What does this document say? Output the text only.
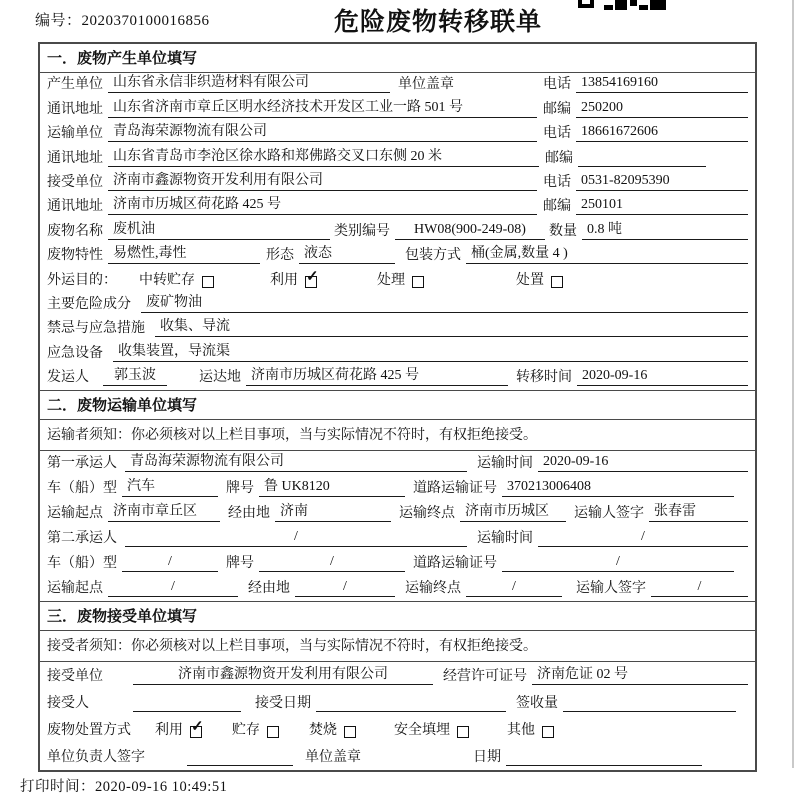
编号：2020370100016856	危险废物转移联单
一．废物产生单位填写
产生单位 山东省永信非织造材料有限公司	单位盖章	电话 13854169160
通讯地址 山东省济南市章丘区明水经济技术开发区工业一路 501 号	邮编 250200
运输单位 青岛海荣源物流有限公司	电话 18661672606
通讯地址 山东省青岛市李沧区徐水路和郑佛路交叉口东侧 20 米	邮编
接受单位 济南市鑫源物资开发利用有限公司	电话 0531-82095390
通讯地址 济南市历城区荷花路 425 号	邮编 250101
废物名称 废机油	类别编号	HW08(900-249-08)	数量 0.8 吨
废物特性 易燃性,毒性	形态 液态	包装方式 桶(金属,数量 4 )
外运目的： 中转贮存	利用 ✓	处理	处置
主要危险成分	废矿物油
禁忌与应急措施	收集、导流
应急设备	收集装置，导流渠
发运人	郭玉波	运达地 济南市历城区荷花路 425 号	转移时间 2020-09-16
二．废物运输单位填写
运输者须知：你必须核对以上栏目事项，当与实际情况不符时，有权拒绝接受。
第一承运人 青岛海荣源物流有限公司	运输时间 2020-09-16
车（船）型 汽车	牌号 鲁 UK8120	道路运输证号 370213006408
运输起点 济南市章丘区	经由地 济南	运输终点 济南市历城区	运输人签字 张春雷
第二承运人	/	运输时间	/
车（船）型	/	牌号	/	道路运输证号	/
运输起点	/	经由地	/	运输终点	/	运输人签字	/
三．废物接受单位填写
接受者须知：你必须核对以上栏目事项，当与实际情况不符时，有权拒绝接受。
接受单位	济南市鑫源物资开发利用有限公司	经营许可证号 济南危证 02 号
接受人	接受日期	签收量
废物处置方式 利用 ✓	贮存	焚烧	安全填埋	其他
单位负责人签字	单位盖章	日期
打印时间：2020-09-16 10:49:51
